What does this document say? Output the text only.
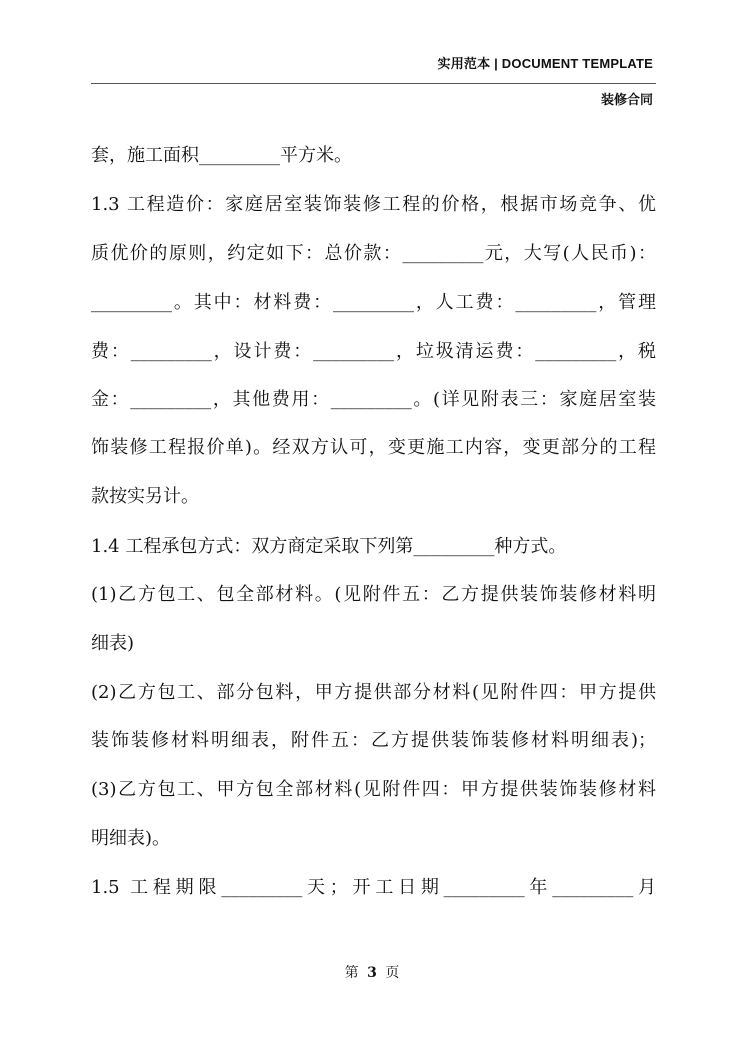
实用范本 | DOCUMENT TEMPLATE
装修合同
套，施工面积_________平方米。
1.3 工程造价：家庭居室装饰装修工程的价格，根据市场竞争、优
质优价的原则，约定如下：总价款：_________元，大写(人民币)：
_________。其中：材料费：_________，人工费：_________，管理
费：_________，设计费：_________，垃圾清运费：_________，税
金：_________，其他费用：_________。(详见附表三：家庭居室装
饰装修工程报价单)。经双方认可，变更施工内容，变更部分的工程
款按实另计。
1.4 工程承包方式：双方商定采取下列第_________种方式。
(1)乙方包工、包全部材料。(见附件五：乙方提供装饰装修材料明
细表)
(2)乙方包工、部分包料，甲方提供部分材料(见附件四：甲方提供
装饰装修材料明细表，附件五：乙方提供装饰装修材料明细表)；
(3)乙方包工、甲方包全部材料(见附件四：甲方提供装饰装修材料
明细表)。
1.5 工程期限_________天；开工日期_________年_________月
第 3 页
